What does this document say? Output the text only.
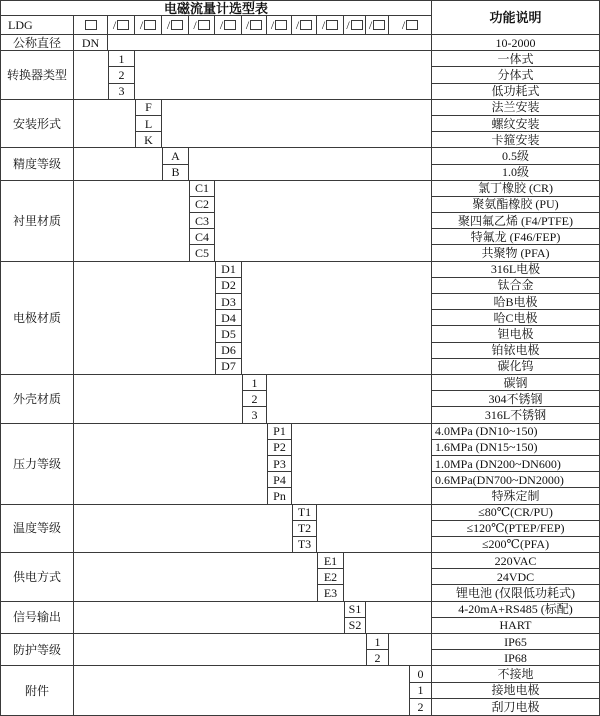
电磁流量计选型表
功能说明
LDG	/ / / / / / / / / / / /
公称直径	DN	10-2000
转换器类型
1	一体式
2	分体式
3	低功耗式
安装形式
F	法兰安装
L	螺纹安装
K	卡箍安装
精度等级
A	0.5级
B	1.0级
衬里材质
C1	氯丁橡胶 (CR)
C2	聚氨酯橡胶 (PU)
C3	聚四氟乙烯 (F4/PTFE)
C4	特氟龙 (F46/FEP)
C5	共聚物 (PFA)
电极材质
D1	316L电极
D2	钛合金
D3	哈B电极
D4	哈C电极
D5	钽电极
D6	铂铱电极
D7	碳化钨
外壳材质
1	碳钢
2	304不锈钢
3	316L不锈钢
压力等级
P1	4.0MPa (DN10~150)
P2	1.6MPa (DN15~150)
P3	1.0MPa (DN200~DN600)
P4	0.6MPa(DN700~DN2000)
Pn	特殊定制
温度等级
T1	≤80℃(CR/PU)
T2	≤120℃(PTEP/FEP)
T3	≤200℃(PFA)
供电方式
E1	220VAC
E2	24VDC
E3	锂电池 (仅限低功耗式)
信号输出
S1	4-20mA+RS485 (标配)
S2	HART
防护等级
1	IP65
2	IP68
附件
0	不接地
1	接地电极
2	刮刀电极
